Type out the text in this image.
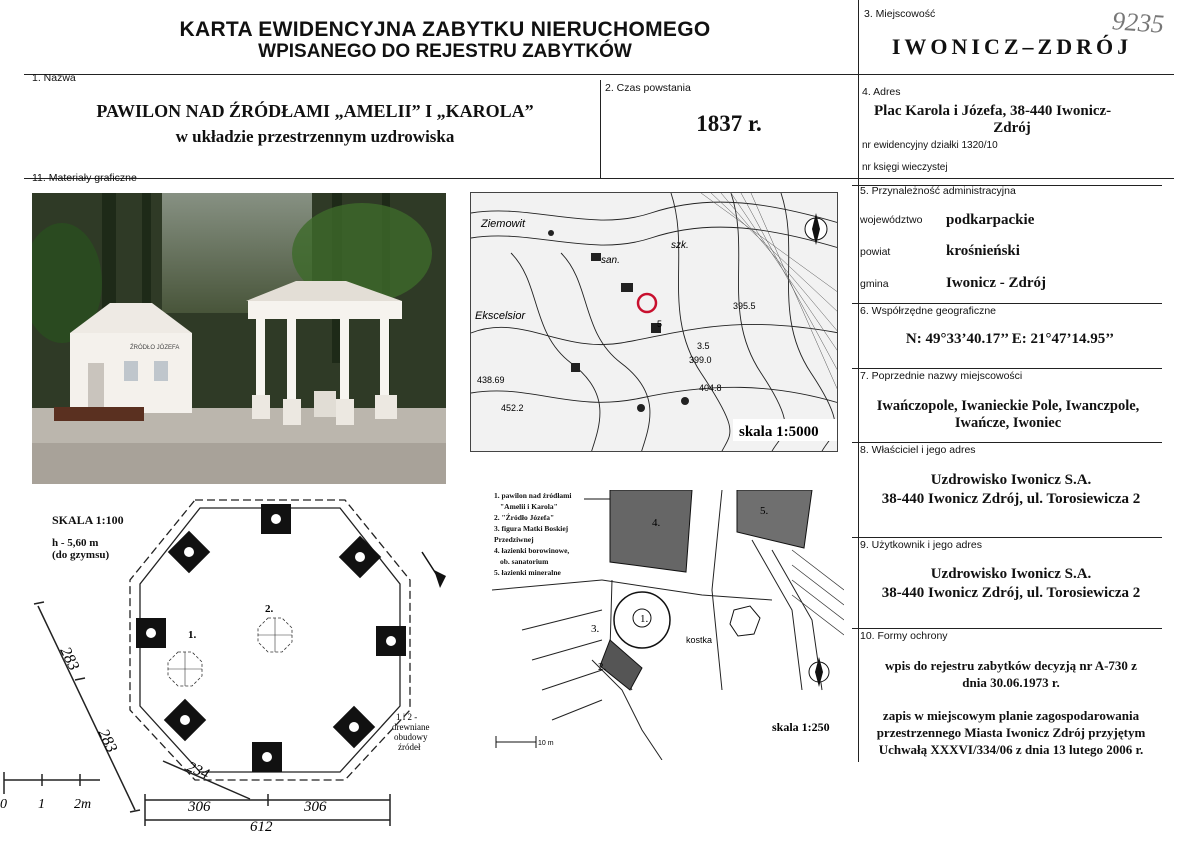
KARTA EWIDENCYJNA ZABYTKU NIERUCHOMEGO
WPISANEGO DO REJESTRU ZABYTKÓW
9235
3. Miejscowość
IWONICZ–ZDRÓJ
1. Nazwa
PAWILON NAD ŹRÓDŁAMI „AMELII” I „KAROLA”
w układzie przestrzennym uzdrowiska
2. Czas powstania
1837 r.
4. Adres
Plac Karola i Józefa, 38-440 Iwonicz-
Zdrój
nr ewidencyjny działki 1320/10
nr księgi wieczystej
5. Przynależność administracyjna
województwo podkarpackie
powiat	krośnieński
gmina	Iwonicz - Zdrój
6. Współrzędne geograficzne
N: 49°33’40.17’’ E: 21°47’14.95’’
7. Poprzednie nazwy miejscowości
Iwańczopole, Iwanieckie Pole, Iwanczpole,
Iwańcze, Iwoniec
8. Właściciel i jego adres
Uzdrowisko Iwonicz S.A.
38-440 Iwonicz Zdrój, ul. Torosiewicza 2
9. Użytkownik i jego adres
Uzdrowisko Iwonicz S.A.
38-440 Iwonicz Zdrój, ul. Torosiewicza 2
10. Formy ochrony
wpis do rejestru zabytków decyzją nr A-730 z
dnia 30.06.1973 r.
zapis w miejscowym planie zagospodarowania
przestrzennego Miasta Iwonicz Zdrój przyjętym
Uchwałą XXXVI/334/06 z dnia 13 lutego 2006 r.
11. Materiały graficzne
ŹRÓDŁO JÓZEFA
Ziemowit
Ekscelsior
san.
szk.
395.5
399.0
404.8
438.69
452.2
3.5
5
skala 1:5000
SKALA 1:100
h - 5,60 m
(do gzymsu)
2.
1.
1 i 2 -
drewniane
obudowy
źródeł
283
283
234
306	306
612
0 1 2m
1. pawilon nad źródłami
"Amelii i Karola"
2. "Źródło Józefa"
3. figura Matki Boskiej
Przedziwnej
4. łazienki borowinowe,
ob. sanatorium
5. łazienki mineralne
1.
2.
3.
4.
5.
kostka
skala 1:250
10 m
